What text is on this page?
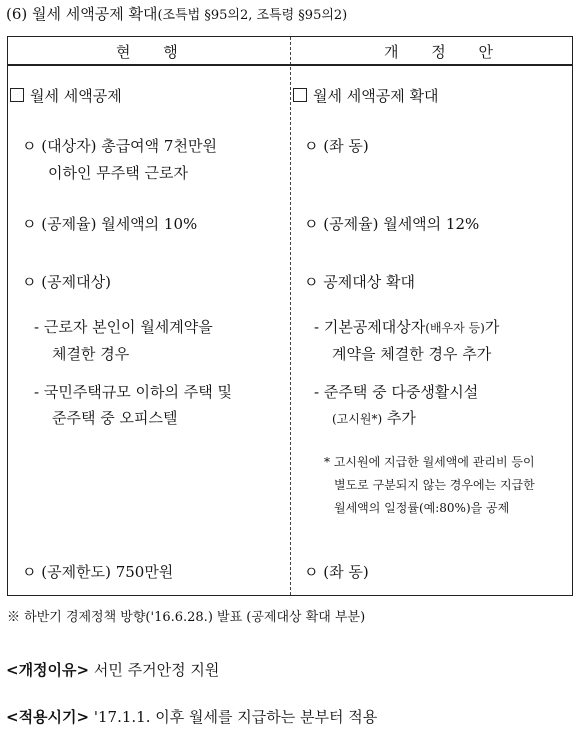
(6) 월세 세액공제 확대(조특법 §95의2, 조특령 §95의2)
현 행	개 정 안
월세 세액공제
ㅇ (대상자) 총급여액 7천만원
이하인 무주택 근로자
ㅇ (공제율) 월세액의 10%
ㅇ (공제대상)
- 근로자 본인이 월세계약을
체결한 경우
- 국민주택규모 이하의 주택 및
준주택 중 오피스텔
ㅇ (공제한도) 750만원
월세 세액공제 확대
ㅇ (좌 동)
ㅇ (공제율) 월세액의 12%
ㅇ 공제대상 확대
- 기본공제대상자(배우자 등)가
계약을 체결한 경우 추가
- 준주택 중 다중생활시설
(고시원*) 추가
* 고시원에 지급한 월세액에 관리비 등이
별도로 구분되지 않는 경우에는 지급한
월세액의 일정률(예:80%)을 공제
ㅇ (좌 동)
※ 하반기 경제정책 방향('16.6.28.) 발표 (공제대상 확대 부분)
<개정이유> 서민 주거안정 지원
<적용시기> '17.1.1. 이후 월세를 지급하는 분부터 적용
